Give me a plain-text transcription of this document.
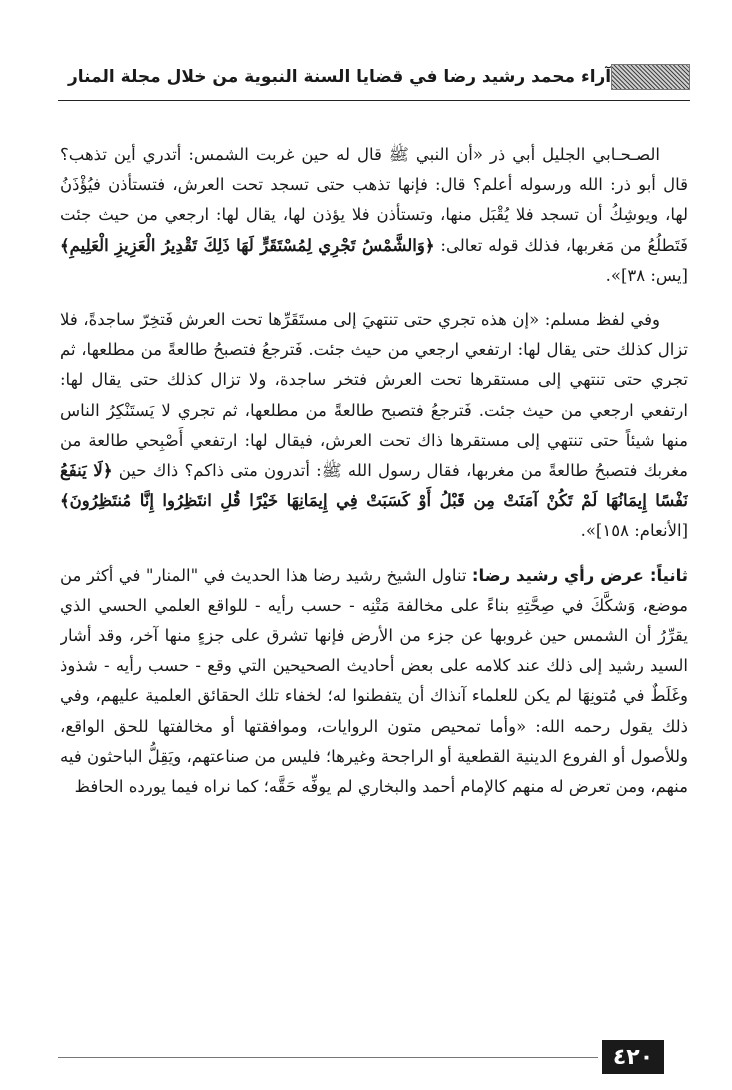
آراء محمد رشيد رضا في قضايا السنة النبوية من خلال مجلة المنار

الصـحـابي الجليل أبي ذر «أن النبي ﷺ قال له حين غربت الشمس: أتدري أين تذهب؟ قال أبو ذر: الله ورسوله أعلم؟ قال: فإنها تذهب حتى تسجد تحت العرش، فتستأذن فيُؤْذَنُ لها، ويوشِكُ أن تسجد فلا يُقْبَل منها، وتستأذن فلا يؤذن لها، يقال لها: ارجعي من حيث جئت فَتَطلُعُ من مَغربها، فذلك قوله تعالى: ﴿وَالشَّمْسُ تَجْرِي لِمُسْتَقَرٍّ لَهَا ذَلِكَ تَقْدِيرُ الْعَزِيزِ الْعَلِيمِ﴾ [يس: ٣٨]».

وفي لفظ مسلم: «إن هذه تجري حتى تنتهيَ إلى مستَقَرِّها تحت العرش فَتخِرّ ساجدةً، فلا تزال كذلك حتى يقال لها: ارتفعي ارجعي من حيث جئت. فَترجعُ فتصبحُ طالعةً من مطلعها، ثم تجري حتى تنتهي إلى مستقرها تحت العرش فتخر ساجدة، ولا تزال كذلك حتى يقال لها: ارتفعي ارجعي من حيث جئت. فَترجعُ فتصبح طالعةً من مطلعها، ثم تجري لا يَستَنْكِرُ الناس منها شيئاً حتى تنتهي إلى مستقرها ذاك تحت العرش، فيقال لها: ارتفعي أَصْبِحي طالعة من مغربك فتصبحُ طالعةً من مغربها، فقال رسول الله ﷺ: أتدرون متى ذاكم؟ ذاك حين ﴿لَا يَنفَعُ نَفْسًا إِيمَانُهَا لَمْ تَكُنْ آمَنَتْ مِن قَبْلُ أَوْ كَسَبَتْ فِي إِيمَانِهَا خَيْرًا قُلِ انتَظِرُوا إِنَّا مُنتَظِرُونَ﴾ [الأنعام: ١٥٨]».

ثانياً: عرض رأي رشيد رضا: تناول الشيخ رشيد رضا هذا الحديث في "المنار" في أكثر من موضع، وَشكَّكَ في صِحَّتِهِ بناءً على مخالفة مَتْنِه - حسب رأيه - للواقع العلمي الحسي الذي يقرِّرُ أن الشمس حين غروبها عن جزء من الأرض فإنها تشرق على جزءٍ منها آخر، وقد أشار السيد رشيد إلى ذلك عند كلامه على بعض أحاديث الصحيحين التي وقع - حسب رأيه - شذوذ وغَلَطٌ في مُتونِهَا لم يكن للعلماء آنذاك أن يتفطنوا له؛ لخفاء تلك الحقائق العلمية عليهم، وفي ذلك يقول رحمه الله: «وأما تمحيص متون الروايات، وموافقتها أو مخالفتها للحق الواقع، وللأصول أو الفروع الدينية القطعية أو الراجحة وغيرها؛ فليس من صناعتهم، ويَقِلُّ الباحثون فيه منهم، ومن تعرض له منهم كالإمام أحمد والبخاري لم يوفِّه حَقَّه؛ كما نراه فيما يورده الحافظ

٤٢٠
